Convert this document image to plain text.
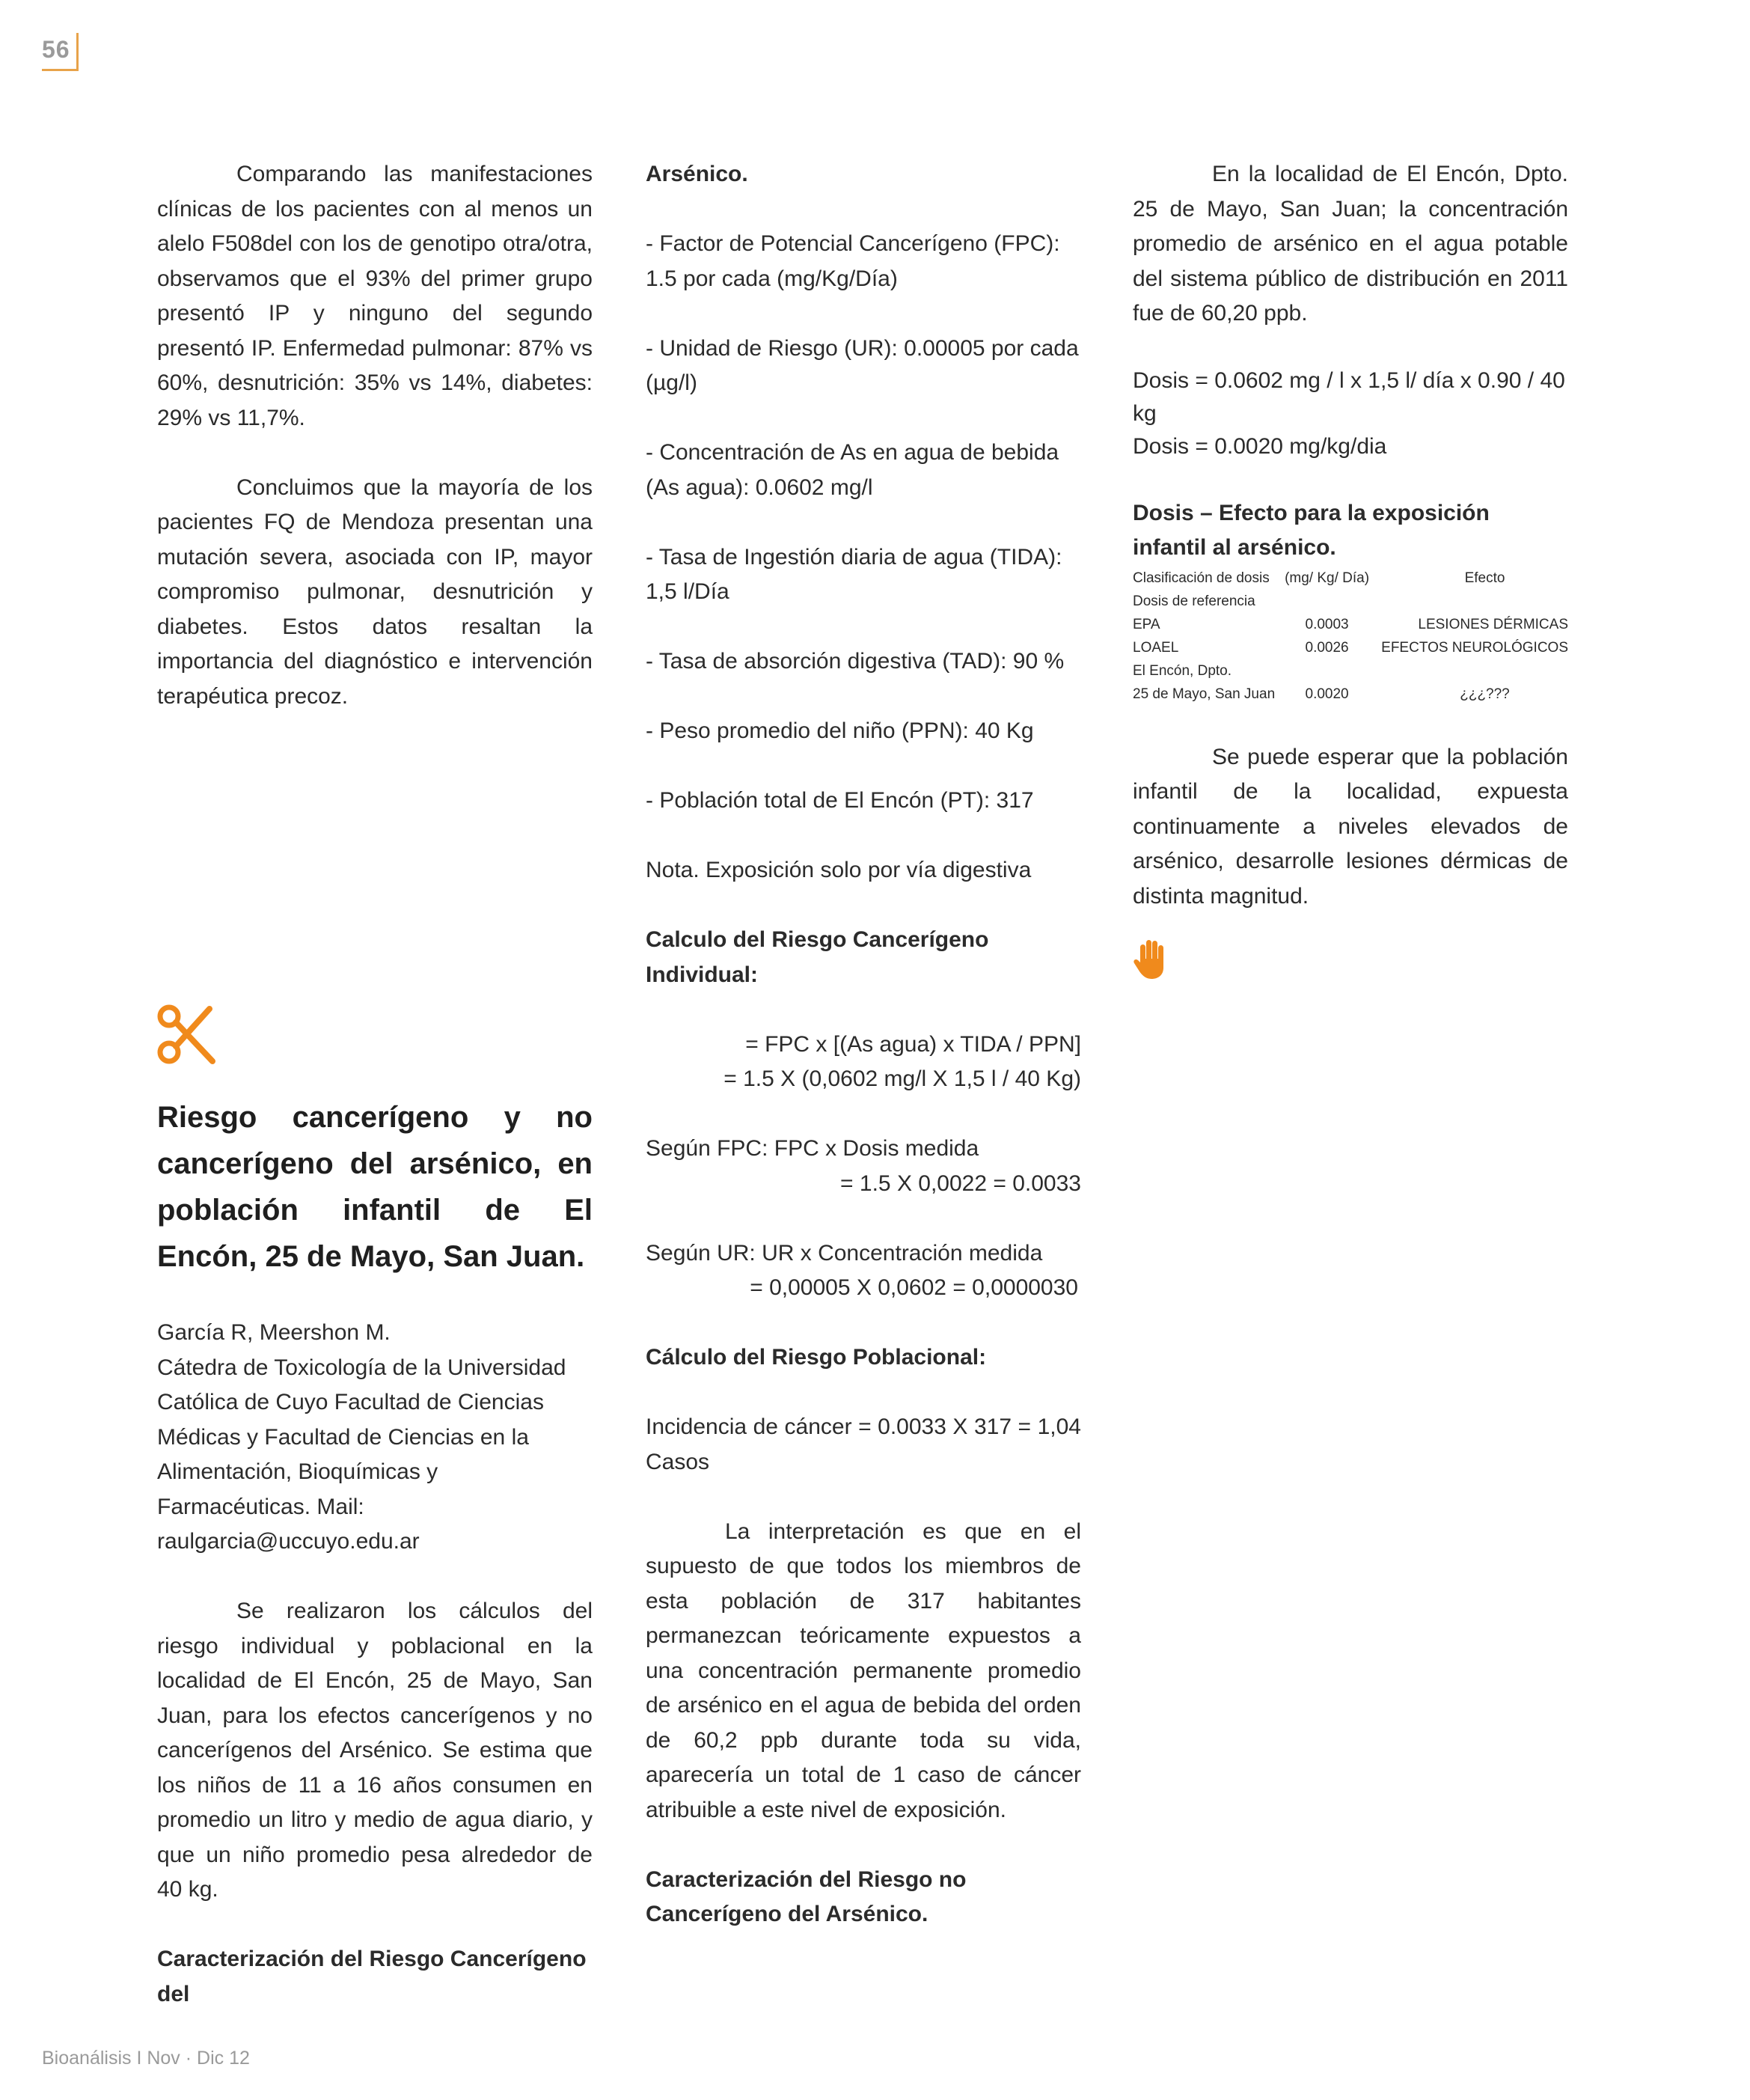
56

Comparando las manifestaciones clínicas de los pacientes con al menos un alelo F508del con los de genotipo otra/otra, observamos que el 93% del primer grupo presentó IP y ninguno del segundo presentó IP. Enfermedad pulmonar: 87% vs 60%, desnutrición: 35% vs 14%, diabetes: 29% vs 11,7%.

Concluimos que la mayoría de los pacientes FQ de Mendoza presentan una mutación severa, asociada con IP, mayor compromiso pulmonar, desnutrición y diabetes. Estos datos resaltan la importancia del diagnóstico e intervención terapéutica precoz.

Riesgo cancerígeno y no cancerígeno del arsénico, en población infantil de El Encón, 25 de Mayo, San Juan.

García R, Meershon M.

Cátedra de Toxicología de la Universidad

Católica de Cuyo Facultad de Ciencias

Médicas y Facultad de Ciencias en la

Alimentación, Bioquímicas y

Farmacéuticas. Mail:

raulgarcia@uccuyo.edu.ar

Se realizaron los cálculos del riesgo individual y poblacional en la localidad de El Encón, 25 de Mayo, San Juan, para los efectos cancerígenos y no cancerígenos del Arsénico. Se estima que los niños de 11 a 16 años consumen en promedio un litro y medio de agua diario, y que un niño promedio pesa alrededor de 40 kg.

Caracterización del Riesgo Cancerígeno del

Arsénico.

- Factor de Potencial Cancerígeno (FPC): 1.5 por cada (mg/Kg/Día)

- Unidad de Riesgo (UR): 0.00005 por cada (µg/l)

- Concentración de As en agua de bebida (As agua): 0.0602 mg/l

- Tasa de Ingestión diaria de agua (TIDA): 1,5 l/Día

- Tasa de absorción digestiva (TAD): 90 %

- Peso promedio del niño (PPN): 40 Kg

- Población total de El Encón (PT): 317

Nota. Exposición solo por vía digestiva

Calculo del Riesgo Cancerígeno Individual:

= FPC x [(As agua) x TIDA / PPN]

= 1.5 X (0,0602 mg/l X 1,5 l / 40 Kg)

Según FPC: FPC x Dosis medida

= 1.5 X 0,0022 = 0.0033

Según UR: UR x Concentración medida

= 0,00005 X 0,0602 = 0,0000030

Cálculo del Riesgo Poblacional:

Incidencia de cáncer = 0.0033 X 317 = 1,04 Casos

La interpretación es que en el supuesto de que todos los miembros de esta población de 317 habitantes permanezcan teóricamente expuestos a una concentración permanente promedio de arsénico en el agua de bebida del orden de 60,2 ppb durante toda su vida, aparecería un total de 1 caso de cáncer atribuible a este nivel de exposición.

Caracterización del Riesgo no Cancerígeno del Arsénico.

En la localidad de El Encón, Dpto. 25 de Mayo, San Juan; la concentración promedio de arsénico en el agua potable del sistema público de distribución en 2011 fue de 60,20 ppb.

Dosis = 0.0602 mg / l x 1,5 l/ día x 0.90 / 40 kg

Dosis = 0.0020 mg/kg/dia

Dosis – Efecto para la exposición infantil al arsénico.

Clasificación de dosis	(mg/ Kg/ Día)	Efecto
Dosis de referencia		
EPA	0.0003	LESIONES DÉRMICAS
LOAEL	0.0026	EFECTOS NEUROLÓGICOS
El Encón, Dpto.		
25 de Mayo, San Juan	0.0020	¿¿¿???

Se puede esperar que la población infantil de la localidad, expuesta continuamente a niveles elevados de arsénico, desarrolle lesiones dérmicas de distinta magnitud.

Bioanálisis I Nov · Dic 12
